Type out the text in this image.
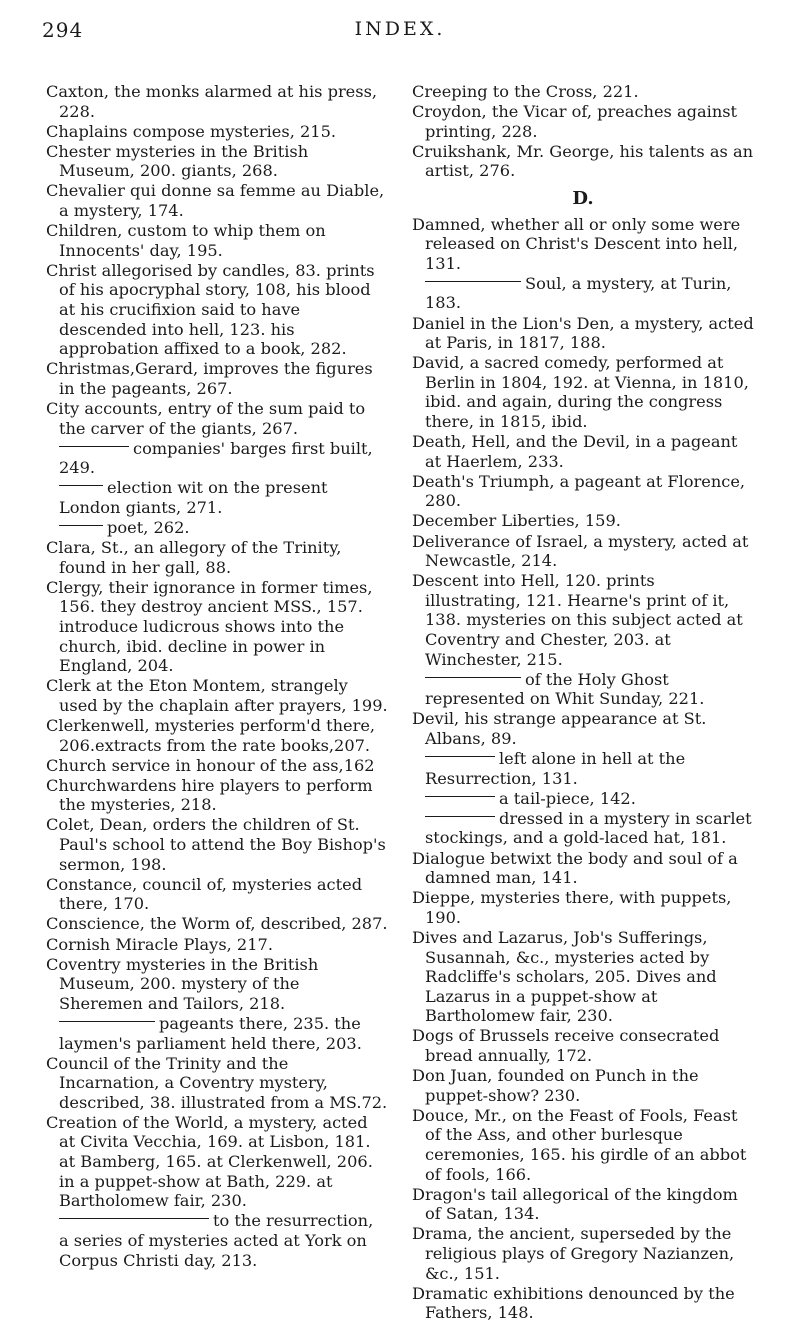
294	INDEX.
Caxton, the monks alarmed at his press, 228.
Chaplains compose mysteries, 215.
Chester mysteries in the British Museum, 200. giants, 268.
Chevalier qui donne sa femme au Diable, a mystery, 174.
Children, custom to whip them on Innocents' day, 195.
Christ allegorised by candles, 83. prints of his apocryphal story, 108, his blood at his crucifixion said to have descended into hell, 123. his approbation affixed to a book, 282.
Christmas,Gerard, improves the figures in the pageants, 267.
City accounts, entry of the sum paid to the carver of the giants, 267.
companies' barges first built, 249.
election wit on the present London giants, 271.
poet, 262.
Clara, St., an allegory of the Trinity, found in her gall, 88.
Clergy, their ignorance in former times, 156. they destroy ancient MSS., 157. introduce ludicrous shows into the church, ibid. decline in power in England, 204.
Clerk at the Eton Montem, strangely used by the chaplain after prayers, 199.
Clerkenwell, mysteries perform'd there, 206.extracts from the rate books,207.
Church service in honour of the ass,162
Churchwardens hire players to perform the mysteries, 218.
Colet, Dean, orders the children of St. Paul's school to attend the Boy Bishop's sermon, 198.
Constance, council of, mysteries acted there, 170.
Conscience, the Worm of, described, 287.
Cornish Miracle Plays, 217.
Coventry mysteries in the British Museum, 200. mystery of the Sheremen and Tailors, 218.
pageants there, 235. the laymen's parliament held there, 203.
Council of the Trinity and the Incarnation, a Coventry mystery, described, 38. illustrated from a MS.72.
Creation of the World, a mystery, acted at Civita Vecchia, 169. at Lisbon, 181. at Bamberg, 165. at Clerkenwell, 206. in a puppet-show at Bath, 229. at Bartholomew fair, 230.
to the resurrection, a series of mysteries acted at York on Corpus Christi day, 213.
Creeping to the Cross, 221.
Croydon, the Vicar of, preaches against printing, 228.
Cruikshank, Mr. George, his talents as an artist, 276.
D.
Damned, whether all or only some were released on Christ's Descent into hell, 131.
Soul, a mystery, at Turin, 183.
Daniel in the Lion's Den, a mystery, acted at Paris, in 1817, 188.
David, a sacred comedy, performed at Berlin in 1804, 192. at Vienna, in 1810, ibid. and again, during the congress there, in 1815, ibid.
Death, Hell, and the Devil, in a pageant at Haerlem, 233.
Death's Triumph, a pageant at Florence, 280.
December Liberties, 159.
Deliverance of Israel, a mystery, acted at Newcastle, 214.
Descent into Hell, 120. prints illustrating, 121. Hearne's print of it, 138. mysteries on this subject acted at Coventry and Chester, 203. at Winchester, 215.
of the Holy Ghost represented on Whit Sunday, 221.
Devil, his strange appearance at St. Albans, 89.
left alone in hell at the Resurrection, 131.
a tail-piece, 142.
dressed in a mystery in scarlet stockings, and a gold-laced hat, 181.
Dialogue betwixt the body and soul of a damned man, 141.
Dieppe, mysteries there, with puppets, 190.
Dives and Lazarus, Job's Sufferings, Susannah, &c., mysteries acted by Radcliffe's scholars, 205. Dives and Lazarus in a puppet-show at Bartholomew fair, 230.
Dogs of Brussels receive consecrated bread annually, 172.
Don Juan, founded on Punch in the puppet-show? 230.
Douce, Mr., on the Feast of Fools, Feast of the Ass, and other burlesque ceremonies, 165. his girdle of an abbot of fools, 166.
Dragon's tail allegorical of the kingdom of Satan, 134.
Drama, the ancient, superseded by the religious plays of Gregory Nazianzen, &c., 151.
Dramatic exhibitions denounced by the Fathers, 148.
